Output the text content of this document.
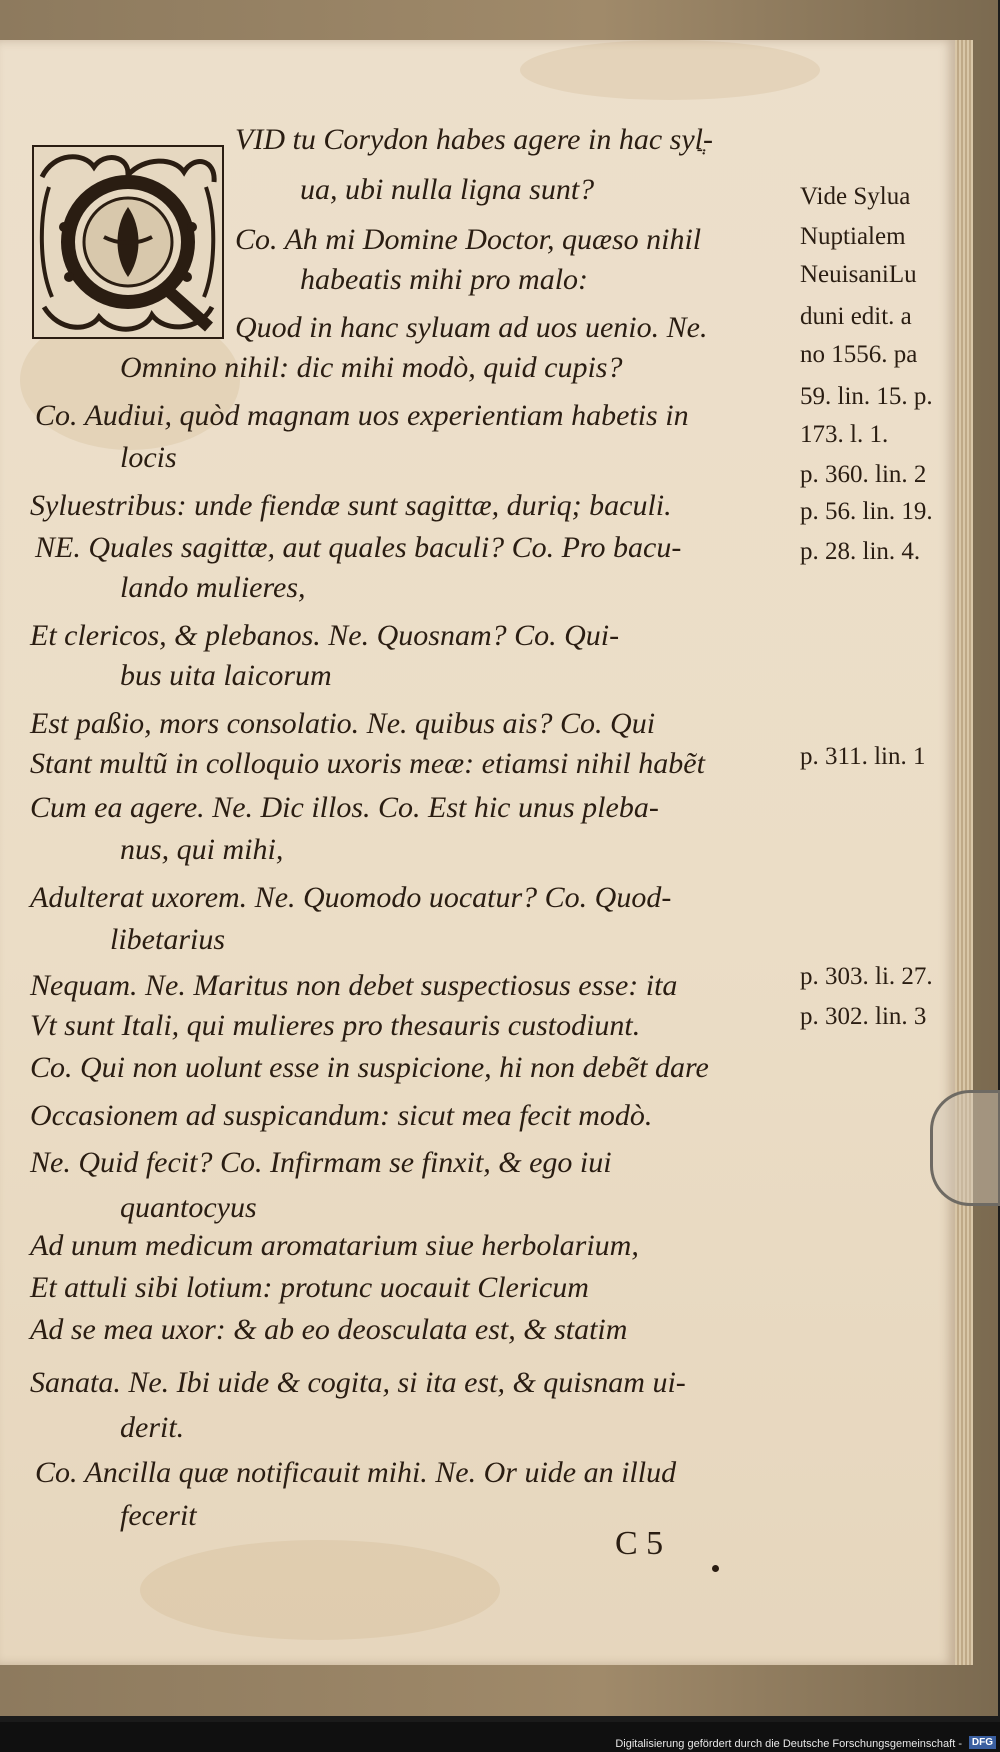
VID tu Corydon habes agere in hac sylֲ-
ua, ubi nulla ligna sunt?
Co. Ah mi Domine Doctor, quæso nihil
habeatis mihi pro malo:
Quod in hanc syluam ad uos uenio. Ne.
Omnino nihil: dic mihi modò, quid cupis?
Co. Audiui, quòd magnam uos experientiam habetis in
locis
Syluestribus: unde fiendæ sunt sagittæ, duriq; baculi.
NE. Quales sagittæ, aut quales baculi? Co. Pro bacu-
lando mulieres,
Et clericos, & plebanos. Ne. Quosnam? Co. Qui-
bus uita laicorum
Est paßio, mors consolatio. Ne. quibus ais? Co. Qui
Stant multũ in colloquio uxoris meæ: etiamsi nihil habẽt
Cum ea agere. Ne. Dic illos. Co. Est hic unus pleba-
nus, qui mihi,
Adulterat uxorem. Ne. Quomodo uocatur? Co. Quod-
libetarius
Nequam. Ne. Maritus non debet suspectiosus esse: ita
Vt sunt Itali, qui mulieres pro thesauris custodiunt.
Co. Qui non uolunt esse in suspicione, hi non debẽt dare
Occasionem ad suspicandum: sicut mea fecit modò.
Ne. Quid fecit? Co. Infirmam se finxit, & ego iui
quantocyus
Ad unum medicum aromatarium siue herbolarium,
Et attuli sibi lotium: protunc uocauit Clericum
Ad se mea uxor: & ab eo deosculata est, & statim
Sanata. Ne. Ibi uide & cogita, si ita est, & quisnam ui-
derit.
Co. Ancilla quæ notificauit mihi. Ne. Or uide an illud
fecerit
Vide Sylua
Nuptialem
NeuisaniLu
duni edit. a
no 1556. pa
59. lin. 15. p.
173. l. 1.
p. 360. lin. 2
p. 56. lin. 19.
p. 28. lin. 4.
p. 311. lin. 1
p. 303. li. 27.
p. 302. lin. 3
C 5
Digitalisierung gefördert durch die Deutsche Forschungsgemeinschaft - DFG
